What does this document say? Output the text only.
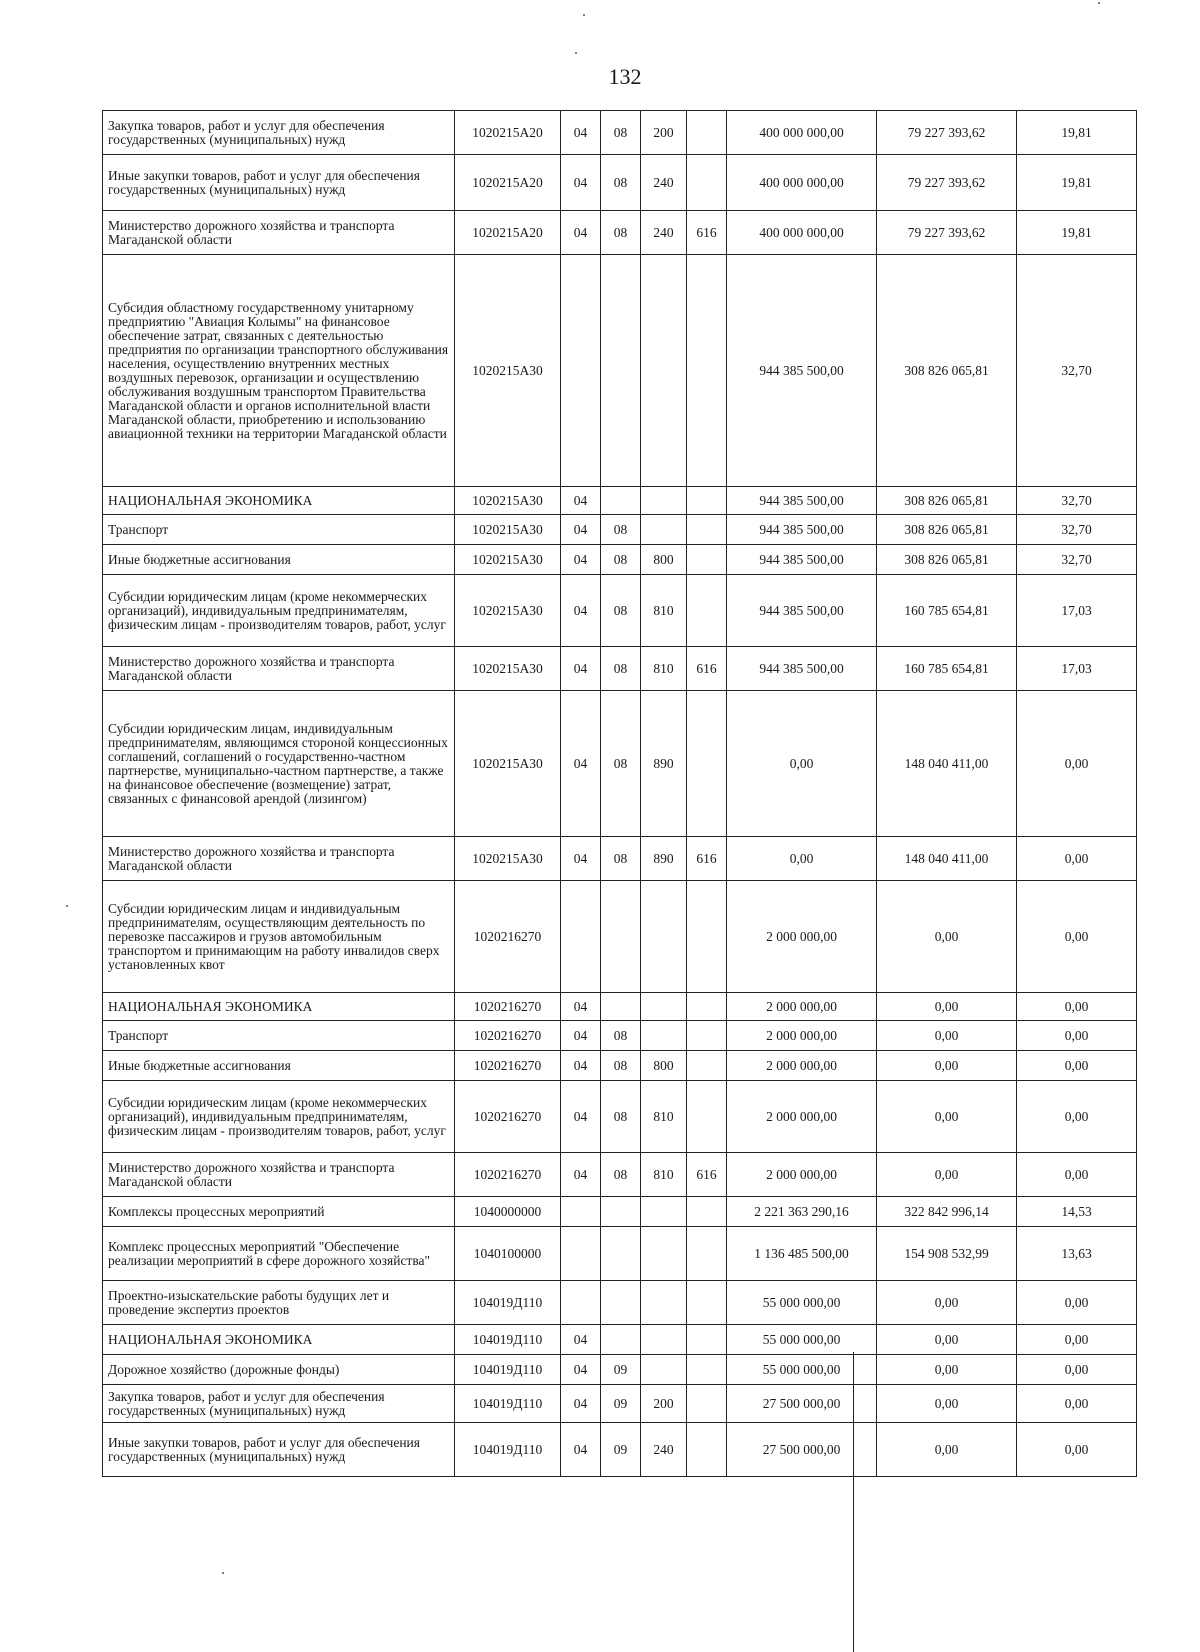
132
Закупка товаров, работ и услуг для обеспечения государственных (муниципальных) нужд	1020215А20	04	08	200		400 000 000,00	79 227 393,62	19,81
Иные закупки товаров, работ и услуг для обеспечения государственных (муниципальных) нужд	1020215А20	04	08	240		400 000 000,00	79 227 393,62	19,81
Министерство дорожного хозяйства и транспорта Магаданской области	1020215А20	04	08	240	616	400 000 000,00	79 227 393,62	19,81
Субсидия областному государственному унитарному предприятию "Авиация Колымы" на финансовое обеспечение затрат, связанных с деятельностью предприятия по организации транспортного обслуживания населения, осуществлению внутренних местных воздушных перевозок, организации и осуществлению обслуживания воздушным транспортом Правительства Магаданской области и органов исполнительной власти Магаданской области, приобретению и использованию авиационной техники на территории Магаданской области	1020215А30					944 385 500,00	308 826 065,81	32,70
НАЦИОНАЛЬНАЯ ЭКОНОМИКА	1020215А30	04				944 385 500,00	308 826 065,81	32,70
Транспорт	1020215А30	04	08			944 385 500,00	308 826 065,81	32,70
Иные бюджетные ассигнования	1020215А30	04	08	800		944 385 500,00	308 826 065,81	32,70
Субсидии юридическим лицам (кроме некоммерческих организаций), индивидуальным предпринимателям, физическим лицам - производителям товаров, работ, услуг	1020215А30	04	08	810		944 385 500,00	160 785 654,81	17,03
Министерство дорожного хозяйства и транспорта Магаданской области	1020215А30	04	08	810	616	944 385 500,00	160 785 654,81	17,03
Субсидии юридическим лицам, индивидуальным предпринимателям, являющимся стороной концессионных соглашений, соглашений о государственно-частном партнерстве, муниципально-частном партнерстве, а также на финансовое обеспечение (возмещение) затрат, связанных с финансовой арендой (лизингом)	1020215А30	04	08	890		0,00	148 040 411,00	0,00
Министерство дорожного хозяйства и транспорта Магаданской области	1020215А30	04	08	890	616	0,00	148 040 411,00	0,00
Субсидии юридическим лицам и индивидуальным предпринимателям, осуществляющим деятельность по перевозке пассажиров и грузов автомобильным транспортом и принимающим на работу инвалидов сверх установленных квот	1020216270					2 000 000,00	0,00	0,00
НАЦИОНАЛЬНАЯ ЭКОНОМИКА	1020216270	04				2 000 000,00	0,00	0,00
Транспорт	1020216270	04	08			2 000 000,00	0,00	0,00
Иные бюджетные ассигнования	1020216270	04	08	800		2 000 000,00	0,00	0,00
Субсидии юридическим лицам (кроме некоммерческих организаций), индивидуальным предпринимателям, физическим лицам - производителям товаров, работ, услуг	1020216270	04	08	810		2 000 000,00	0,00	0,00
Министерство дорожного хозяйства и транспорта Магаданской области	1020216270	04	08	810	616	2 000 000,00	0,00	0,00
Комплексы процессных мероприятий	1040000000					2 221 363 290,16	322 842 996,14	14,53
Комплекс процессных мероприятий "Обеспечение реализации мероприятий в сфере дорожного хозяйства"	1040100000					1 136 485 500,00	154 908 532,99	13,63
Проектно-изыскательские работы будущих лет и проведение экспертиз проектов	104019Д110					55 000 000,00	0,00	0,00
НАЦИОНАЛЬНАЯ ЭКОНОМИКА	104019Д110	04				55 000 000,00	0,00	0,00
Дорожное хозяйство (дорожные фонды)	104019Д110	04	09			55 000 000,00	0,00	0,00
Закупка товаров, работ и услуг для обеспечения государственных (муниципальных) нужд	104019Д110	04	09	200		27 500 000,00	0,00	0,00
Иные закупки товаров, работ и услуг для обеспечения государственных (муниципальных) нужд	104019Д110	04	09	240		27 500 000,00	0,00	0,00
